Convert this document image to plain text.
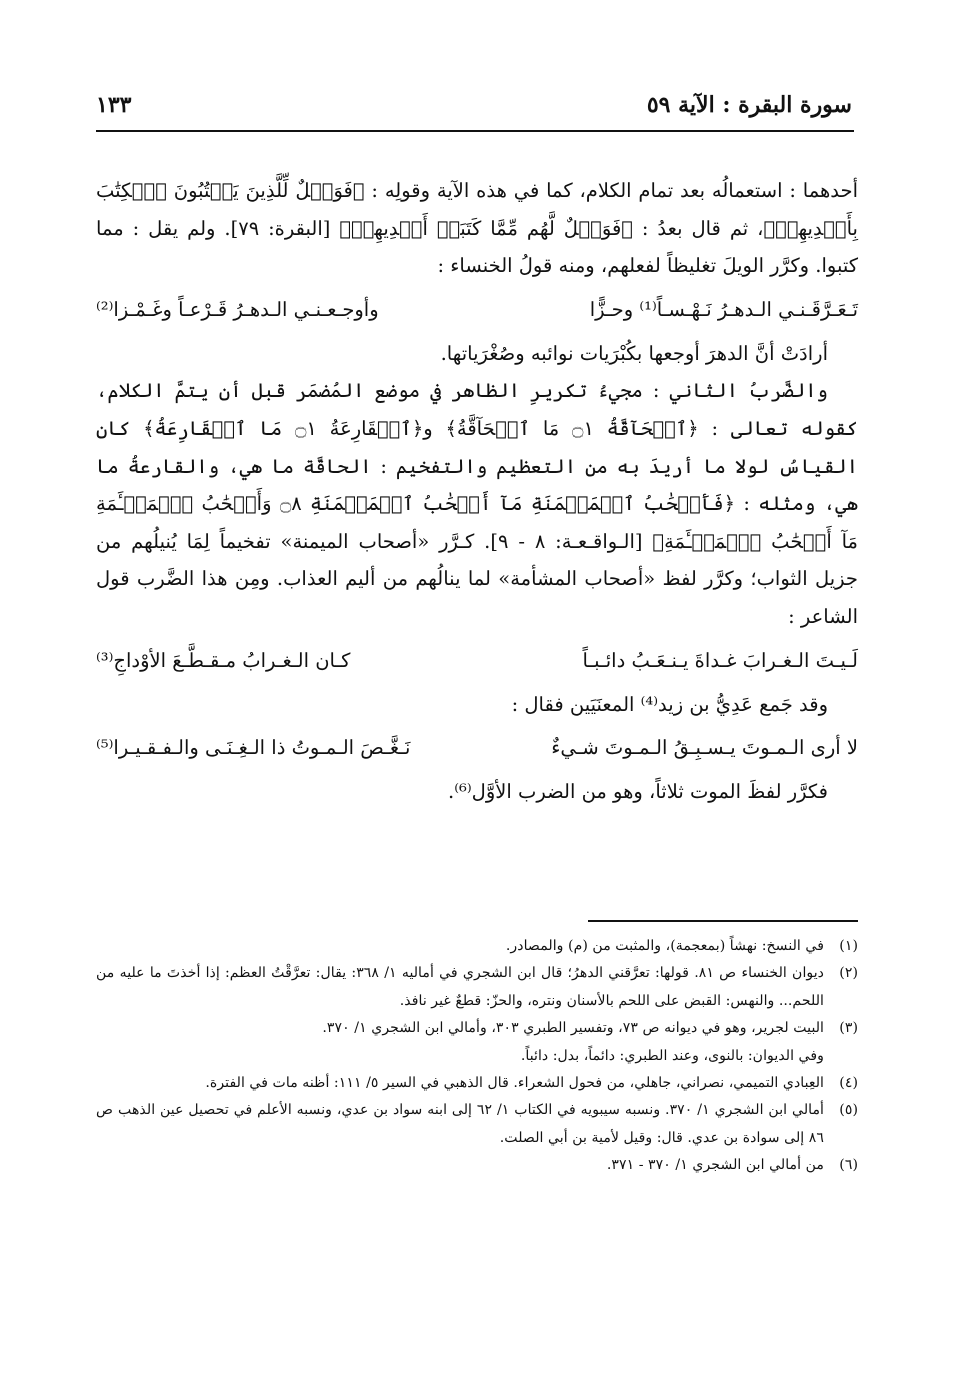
سورة البقرة : الآية ٥٩
١٣٣

أحدهما : استعمالُه بعد تمام الكلام، كما في هذه الآية وقولِه : ﴿فَوَيۡلٌ لِّلَّذِينَ يَكۡتُبُونَ ٱلۡكِتَٰبَ بِأَيۡدِيهِمۡ﴾، ثم قال بعدُ : ﴿فَوَيۡلٌ لَّهُم مِّمَّا كَتَبَتۡ أَيۡدِيهِمۡ﴾ [البقرة: ٧٩]. ولم يقل : مما كتبوا. وكرَّر الويلَ تغليظاً لفعلهم، ومنه قولُ الخنساء :

تَـعَـرَّقَـنـي الـدهـرُ نَـهْـسـاً⁽¹⁾ وحـزًّا
وأوجـعـنـي الـدهـرُ قَـرْعـاً وغَـمْـزا⁽²⁾

أرادَتْ أنَّ الدهرَ أوجعها بكُبْرَيات نوائبه وصُغْرَياتها.

والضَّربُ الثاني : مجيءُ تكريرِ الظاهر في موضع المُضمَر قبل أن يتمَّ الكلام، كقوله تعالى : ﴿ٱلۡحَآقَّةُ ۝١ مَا ٱلۡحَآقَّةُ﴾ و﴿ٱلۡقَارِعَةُ ۝١ مَا ٱلۡقَارِعَةُ﴾ كان القياسُ لولا ما أريدَ به من التعظيم والتفخيم : الحاقَّة ما هي، والقارعةُ ما هي، ومثله : ﴿فَأَصۡحَٰبُ ٱلۡمَيۡمَنَةِ مَآ أَصۡحَٰبُ ٱلۡمَيۡمَنَةِ ۝٨ وَأَصۡحَٰبُ ٱلۡمَشۡـَٔمَةِ مَآ أَصۡحَٰبُ ٱلۡمَشۡـَٔمَةِ﴾ [الـواقـعـة: ٨ - ٩]. كـرَّر «أصحاب الميمنة» تفخيماً لِمَا يُنيلُهم من جزيل الثواب؛ وكرَّر لفظ «أصحاب المشأمة» لما ينالُهم من أليم العذاب. ومِن هذا الضَّرب قول الشاعر :

لَـيـتَ الـغـرابَ غـداةَ يـنـعَـبُ دائـبـاً
كـان الـغـرابُ مـقـطَّـعَ الأوْداجِ⁽³⁾

وقد جَمع عَدِيُّ بن زيد⁽⁴⁾ المعنَيَين فقال :

لا أرى الـمـوتَ يـسـبِـقُ الـمـوتَ شـيءٌ
نَـغَّـصَ الـمـوتُ ذا الـغِـنَـى والـفـقـيـرا⁽⁵⁾

فكرَّر لفظَ الموت ثلاثاً، وهو من الضرب الأوَّل⁽⁶⁾.

(١)
في النسخ: نهشاً (بمعجمة)، والمثبت من (م) والمصادر.
(٢)
ديوان الخنساء ص ٨١. قولها: تعرَّقني الدهرُ؛ قال ابن الشجري في أماليه ١/ ٣٦٨: يقال: تعرَّقْتُ العظم: إذا أخذتَ ما عليه من اللحم... والنهس: القبض على اللحم بالأسنان ونتره، والحزّ: قطعٌ غير نافذ.
(٣)
البيت لجرير، وهو في ديوانه ص ٧٣، وتفسير الطبري ٣٠٣، وأمالي ابن الشجري ١/ ٣٧٠.
وفي الديوان: بالنوى، وعند الطبري: دائماً، بدل: دائباً.
(٤)
العِبادي التميمي، نصراني، جاهلي، من فحول الشعراء. قال الذهبي في السير ٥/ ١١١: أظنه مات في الفترة.
(٥)
أمالي ابن الشجري ١/ ٣٧٠. ونسبه سيبويه في الكتاب ١/ ٦٢ إلى ابنه سواد بن عدي، ونسبه الأعلم في تحصيل عين الذهب ص ٨٦ إلى سوادة بن عدي. قال: وقيل لأمية بن أبي الصلت.
(٦)
من أمالي ابن الشجري ١/ ٣٧٠ - ٣٧١.
